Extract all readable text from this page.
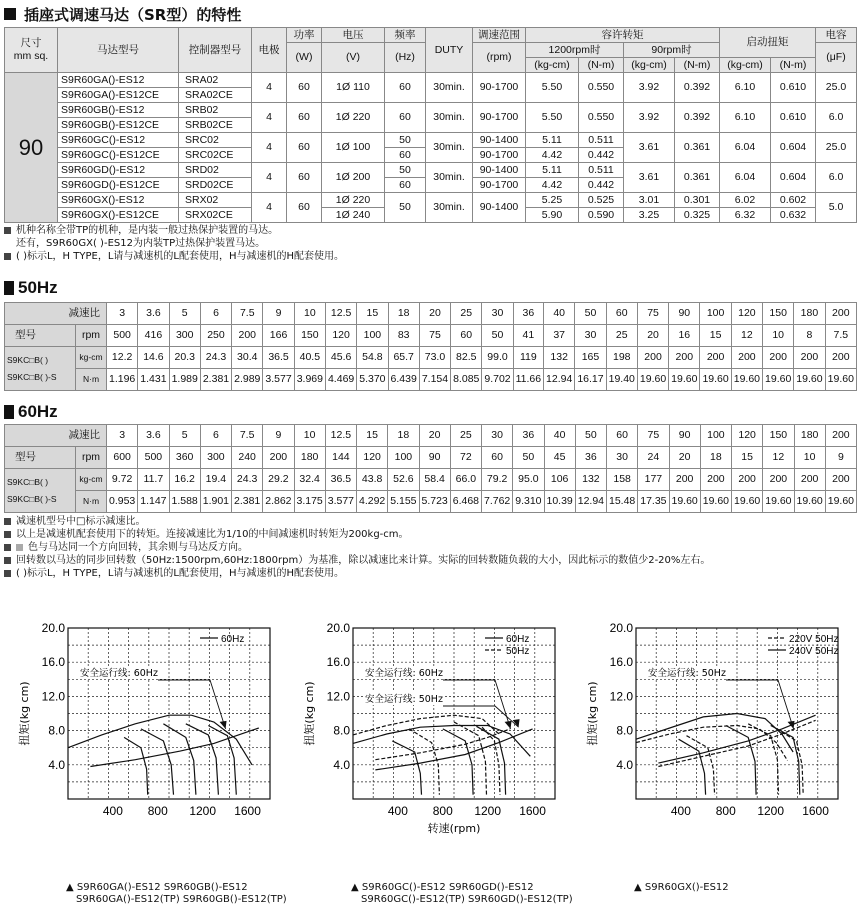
插座式调速马达（SR型）的特性
尺寸
mm sq.	马达型号	控制器型号	电极	功率	电压	频率	DUTY	调速范围	容许转矩				启动扭矩		电容
				(W)	(V)	(Hz)		(rpm)	1200rpm时		90rpm时				(μF)
									(kg-cm)	(N-m)	(kg-cm)	(N-m)	(kg-cm)	(N-m)	
90	S9R60GA()-ES12	SRA02	4	60	1Ø 110	60	30min.	90-1700	5.50	0.550	3.92	0.392	6.10	0.610	25.0
	S9R60GA()-ES12CE	SRA02CE													
	S9R60GB()-ES12	SRB02	4	60	1Ø 220	60	30min.	90-1700	5.50	0.550	3.92	0.392	6.10	0.610	6.0
	S9R60GB()-ES12CE	SRB02CE													
	S9R60GC()-ES12	SRC02	4	60	1Ø 100	50	30min.	90-1400	5.11	0.511	3.61	0.361	6.04	0.604	25.0
	S9R60GC()-ES12CE	SRC02CE				60		90-1700	4.42	0.442					
	S9R60GD()-ES12	SRD02	4	60	1Ø 200	50	30min.	90-1400	5.11	0.511	3.61	0.361	6.04	0.604	6.0
	S9R60GD()-ES12CE	SRD02CE				60		90-1700	4.42	0.442					
	S9R60GX()-ES12	SRX02	4	60	1Ø 220	50	30min.	90-1400	5.25	0.525	3.01	0.301	6.02	0.602	5.0
	S9R60GX()-ES12CE	SRX02CE			1Ø 240				5.90	0.590	3.25	0.325	6.32	0.632	
机种名称全带TP的机种，是内装一般过热保护装置的马达。
还有，S9R60GX( )-ES12为内装TP过热保护装置马达。
( )标示L，H TYPE，L请与减速机的L配套使用，H与减速机的H配套使用。
50Hz
减速比		3	3.6	5	6	7.5	9	10	12.5	15	18	20	25	30	36	40	50	60	75	90	100	120	150	180	200
型号	rpm	500	416	300	250	200	166	150	120	100	83	75	60	50	41	37	30	25	20	16	15	12	10	8	7.5

S9KC□B( )
S9KC□B( )-S	kg-cm	12.2	14.6	20.3	24.3	30.4	36.5	40.5	45.6	54.8	65.7	73.0	82.5	99.0	119	132	165	198	200	200	200	200	200	200	200
	N·m	1.196	1.431	1.989	2.381	2.989	3.577	3.969	4.469	5.370	6.439	7.154	8.085	9.702	11.66	12.94	16.17	19.40	19.60	19.60	19.60	19.60	19.60	19.60	19.60
60Hz
减速比		3	3.6	5	6	7.5	9	10	12.5	15	18	20	25	30	36	40	50	60	75	90	100	120	150	180	200
型号	rpm	600	500	360	300	240	200	180	144	120	100	90	72	60	50	45	36	30	24	20	18	15	12	10	9

S9KC□B( )
S9KC□B( )-S	kg-cm	9.72	11.7	16.2	19.4	24.3	29.2	32.4	36.5	43.8	52.6	58.4	66.0	79.2	95.0	106	132	158	177	200	200	200	200	200	200
	N·m	0.953	1.147	1.588	1.901	2.381	2.862	3.175	3.577	4.292	5.155	5.723	6.468	7.762	9.310	10.39	12.94	15.48	17.35	19.60	19.60	19.60	19.60	19.60	19.60
减速机型号中□标示减速比。
以上是减速机配套使用下的转矩。连接减速比为1/10的中间减速机时转矩为200kg-cm。
色与马达同一个方向回转，其余则与马达反方向。
回转数以马达的同步回转数（50Hz:1500rpm,60Hz:1800rpm）为基准，除以减速比来计算。实际的回转数随负载的大小，因此标示的数值少2-20%左右。
( )标示L，H TYPE，L请与减速机的L配套使用，H与减速机的H配套使用。
20.0
16.0
12.0
8.0
4.0
400 800 1200 1600
扭矩(kg cm)
60Hz
安全运行线: 60Hz
▲ S9R60GA()-ES12 S9R60GB()-ES12
S9R60GA()-ES12(TP) S9R60GB()-ES12(TP)
20.0
16.0
12.0
8.0
4.0
400 800 1200 1600
扭矩(kg cm)
转速(rpm)
60Hz
50Hz
安全运行线: 60Hz
安全运行线: 50Hz
▲ S9R60GC()-ES12 S9R60GD()-ES12
S9R60GC()-ES12(TP) S9R60GD()-ES12(TP)
20.0
16.0
12.0
8.0
4.0
400 800 1200 1600
扭矩(kg cm)
220V 50Hz
240V 50Hz
安全运行线: 50Hz
▲ S9R60GX()-ES12
